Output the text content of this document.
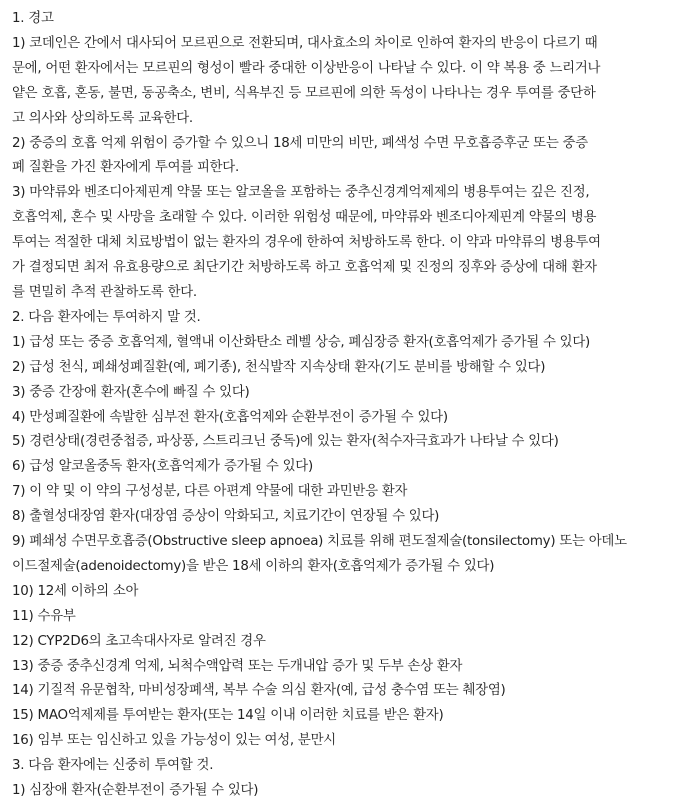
1. 경고
1) 코데인은 간에서 대사되어 모르핀으로 전환되며, 대사효소의 차이로 인하여 환자의 반응이 다르기 때
문에, 어떤 환자에서는 모르핀의 형성이 빨라 중대한 이상반응이 나타날 수 있다. 이 약 복용 중 느리거나
얕은 호흡, 혼동, 불면, 동공축소, 변비, 식욕부진 등 모르핀에 의한 독성이 나타나는 경우 투여를 중단하
고 의사와 상의하도록 교육한다.
2) 중증의 호흡 억제 위험이 증가할 수 있으니 18세 미만의 비만, 폐색성 수면 무호흡증후군 또는 중증
폐 질환을 가진 환자에게 투여를 피한다.
3) 마약류와 벤조디아제핀계 약물 또는 알코올을 포함하는 중추신경계억제제의 병용투여는 깊은 진정,
호흡억제, 혼수 및 사망을 초래할 수 있다. 이러한 위험성 때문에, 마약류와 벤조디아제핀계 약물의 병용
투여는 적절한 대체 치료방법이 없는 환자의 경우에 한하여 처방하도록 한다. 이 약과 마약류의 병용투여
가 결정되면 최저 유효용량으로 최단기간 처방하도록 하고 호흡억제 및 진정의 징후와 증상에 대해 환자
를 면밀히 추적 관찰하도록 한다.
2. 다음 환자에는 투여하지 말 것.
1) 급성 또는 중증 호흡억제, 혈액내 이산화탄소 레벨 상승, 폐심장증 환자(호흡억제가 증가될 수 있다)
2) 급성 천식, 폐쇄성폐질환(예, 폐기종), 천식발작 지속상태 환자(기도 분비를 방해할 수 있다)
3) 중증 간장애 환자(혼수에 빠질 수 있다)
4) 만성폐질환에 속발한 심부전 환자(호흡억제와 순환부전이 증가될 수 있다)
5) 경련상태(경련중첩증, 파상풍, 스트리크닌 중독)에 있는 환자(척수자극효과가 나타날 수 있다)
6) 급성 알코올중독 환자(호흡억제가 증가될 수 있다)
7) 이 약 및 이 약의 구성성분, 다른 아편계 약물에 대한 과민반응 환자
8) 출혈성대장염 환자(대장염 증상이 악화되고, 치료기간이 연장될 수 있다)
9) 폐쇄성 수면무호흡증(Obstructive sleep apnoea) 치료를 위해 편도절제술(tonsilectomy) 또는 아데노
이드절제술(adenoidectomy)을 받은 18세 이하의 환자(호흡억제가 증가될 수 있다)
10) 12세 이하의 소아
11) 수유부
12) CYP2D6의 초고속대사자로 알려진 경우
13) 중증 중추신경계 억제, 뇌척수액압력 또는 두개내압 증가 및 두부 손상 환자
14) 기질적 유문협착, 마비성장폐색, 복부 수술 의심 환자(예, 급성 충수염 또는 췌장염)
15) MAO억제제를 투여받는 환자(또는 14일 이내 이러한 치료를 받은 환자)
16) 임부 또는 임신하고 있을 가능성이 있는 여성, 분만시
3. 다음 환자에는 신중히 투여할 것.
1) 심장애 환자(순환부전이 증가될 수 있다)
